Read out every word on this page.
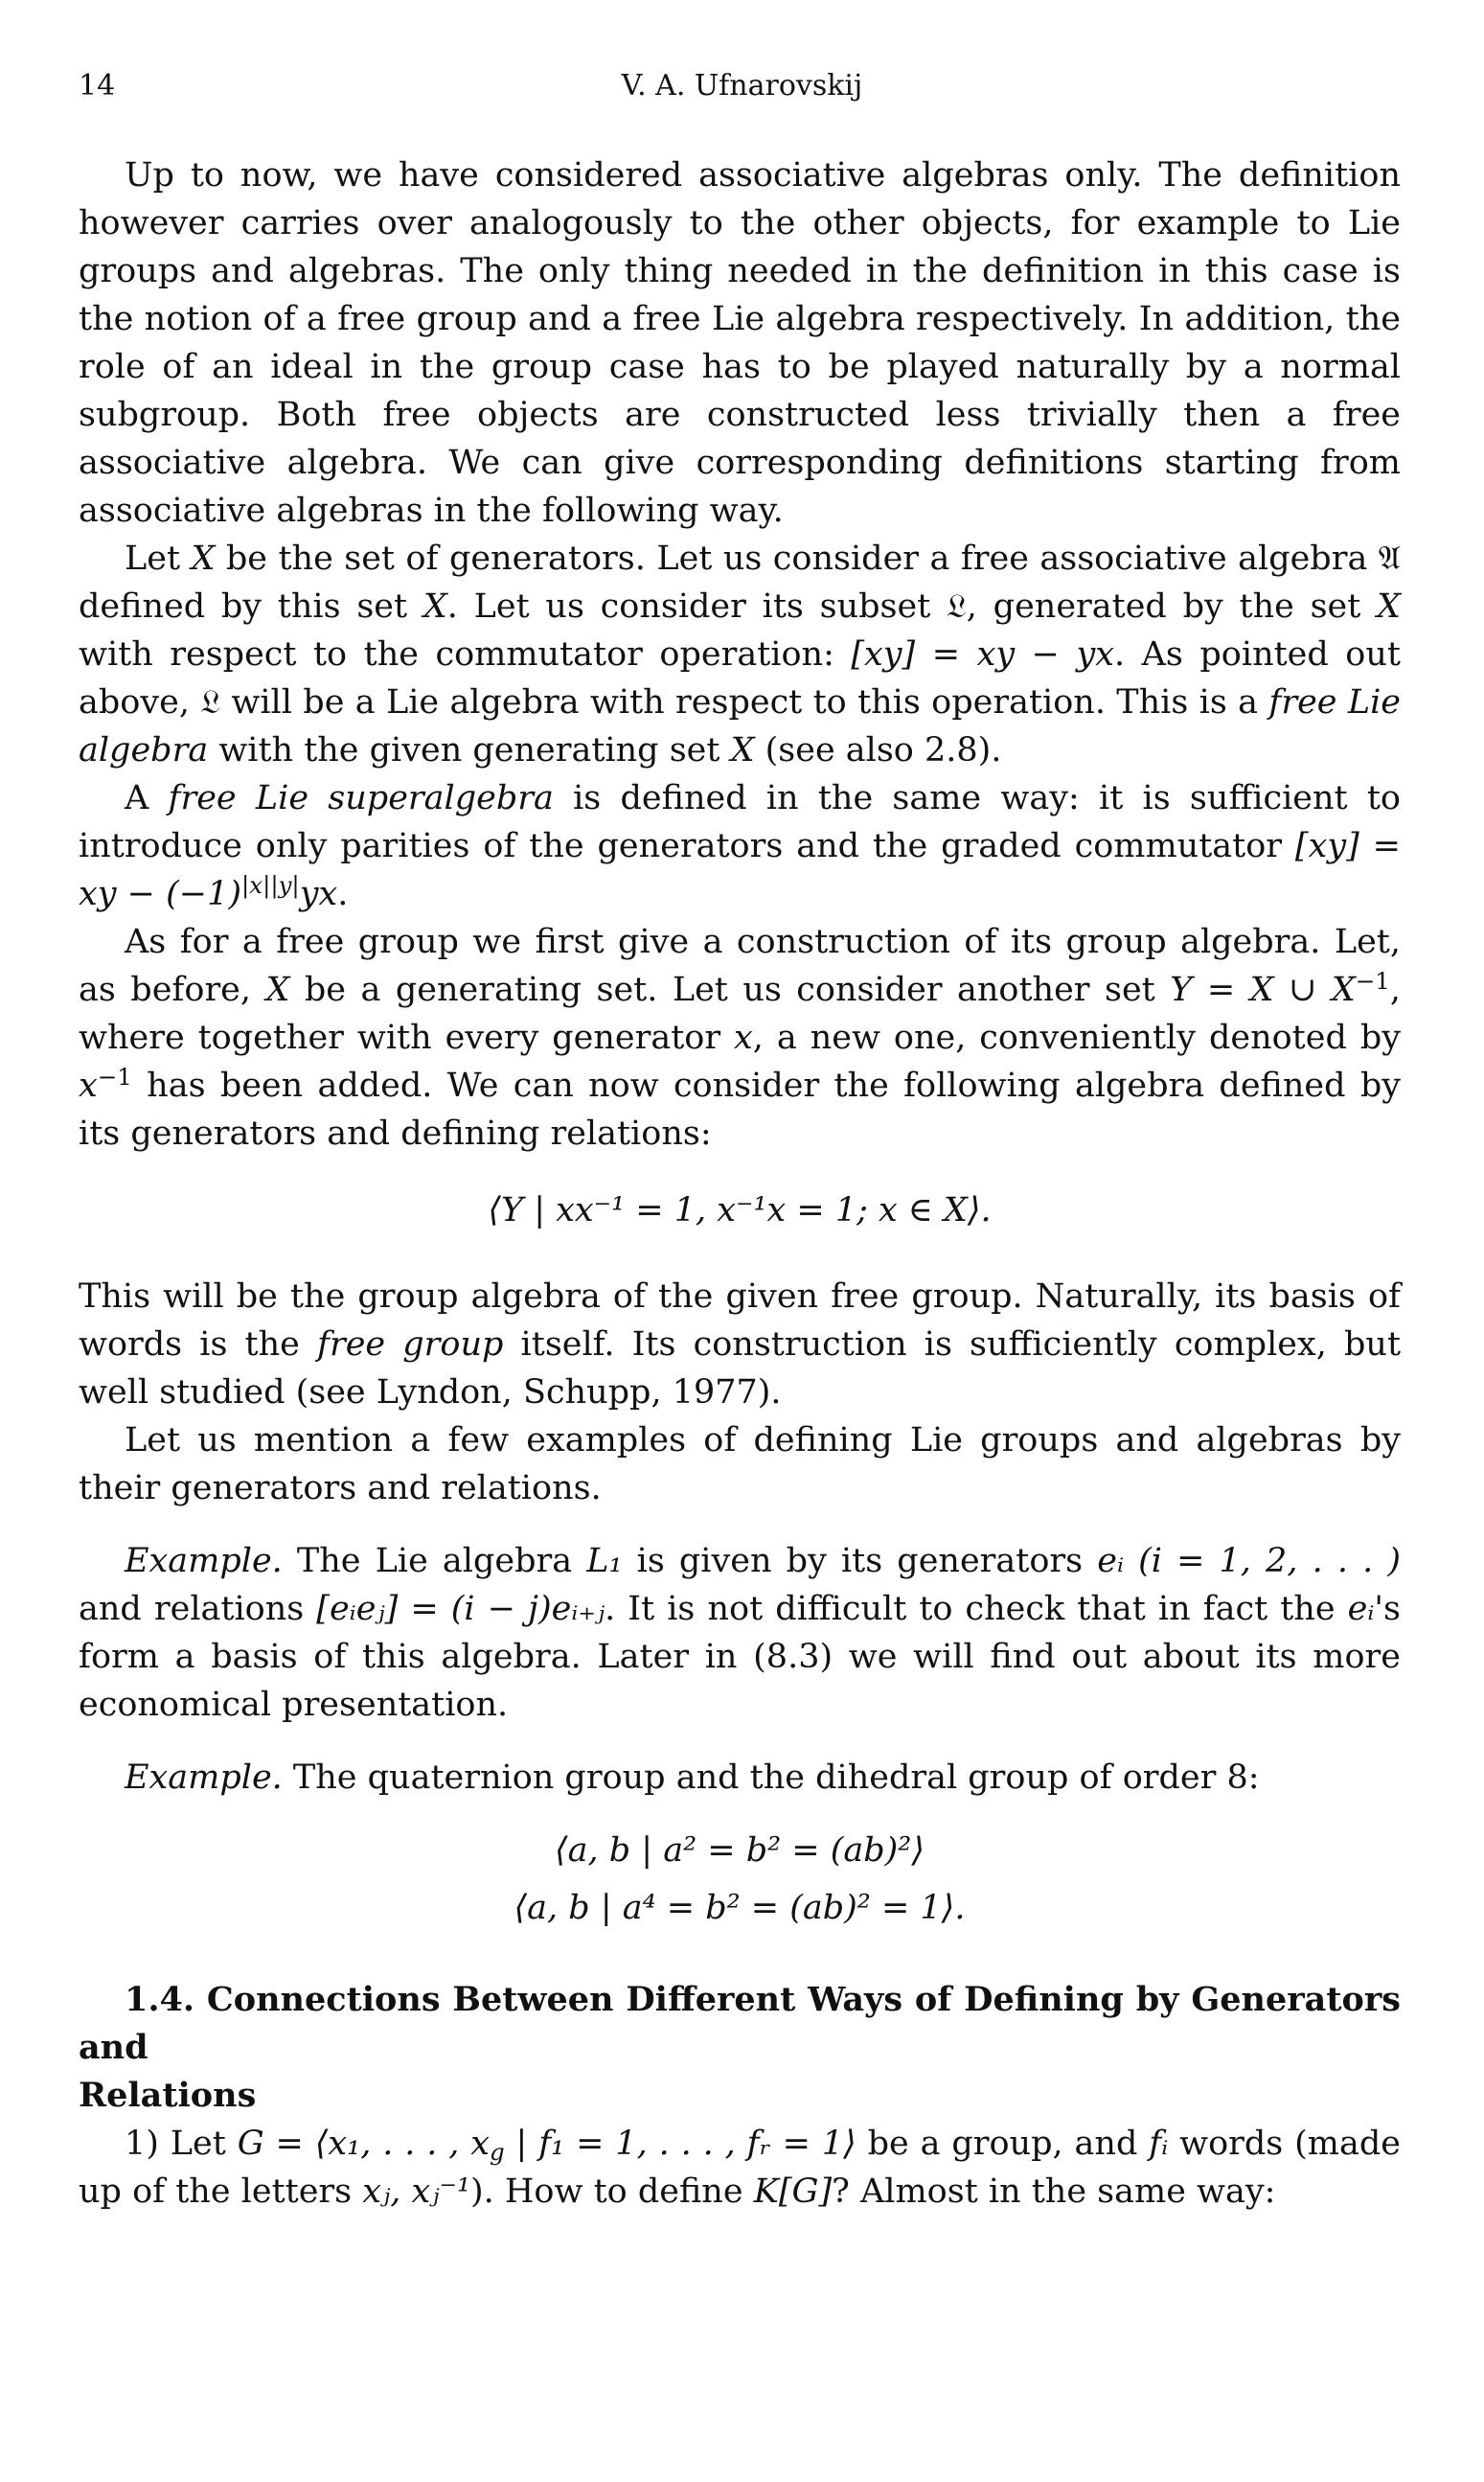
14	V. A. Ufnarovskij

Up to now, we have considered associative algebras only. The definition however carries over analogously to the other objects, for example to Lie groups and algebras. The only thing needed in the definition in this case is the notion of a free group and a free Lie algebra respectively. In addition, the role of an ideal in the group case has to be played naturally by a normal subgroup. Both free objects are constructed less trivially then a free associative algebra. We can give corresponding definitions starting from associative algebras in the following way.

Let X be the set of generators. Let us consider a free associative algebra 𝔄 defined by this set X. Let us consider its subset 𝔏, generated by the set X with respect to the commutator operation: [xy] = xy − yx. As pointed out above, 𝔏 will be a Lie algebra with respect to this operation. This is a free Lie algebra with the given generating set X (see also 2.8).

A free Lie superalgebra is defined in the same way: it is sufficient to introduce only parities of the generators and the graded commutator [xy] = xy − $(-1)^{|x||y|}yx$.

As for a free group we first give a construction of its group algebra. Let, as before, X be a generating set. Let us consider another set Y = X ∪ $X^{-1}$, where together with every generator x, a new one, conveniently denoted by $x^{-1}$ has been added. We can now consider the following algebra defined by its generators and defining relations:

⟨Y | xx⁻¹ = 1, x⁻¹x = 1; x ∈ X⟩.

This will be the group algebra of the given free group. Naturally, its basis of words is the free group itself. Its construction is sufficiently complex, but well studied (see Lyndon, Schupp, 1977).

Let us mention a few examples of defining Lie groups and algebras by their generators and relations.

Example. The Lie algebra L₁ is given by its generators eᵢ (i = 1, 2, . . . ) and relations [eᵢeⱼ] = (i − j)eᵢ₊ⱼ. It is not difficult to check that in fact the eᵢ's form a basis of this algebra. Later in (8.3) we will find out about its more economical presentation.

Example. The quaternion group and the dihedral group of order 8:

⟨a, b | a² = b² = (ab)²⟩
⟨a, b | a⁴ = b² = (ab)² = 1⟩.

1.4. Connections Between Different Ways of Defining by Generators and
Relations

1) Let G = ⟨x₁, . . . , $x_g$ | f₁ = 1, . . . , fᵣ = 1⟩ be a group, and fᵢ words (made up of the letters xⱼ, xⱼ⁻¹). How to define K[G]? Almost in the same way:
